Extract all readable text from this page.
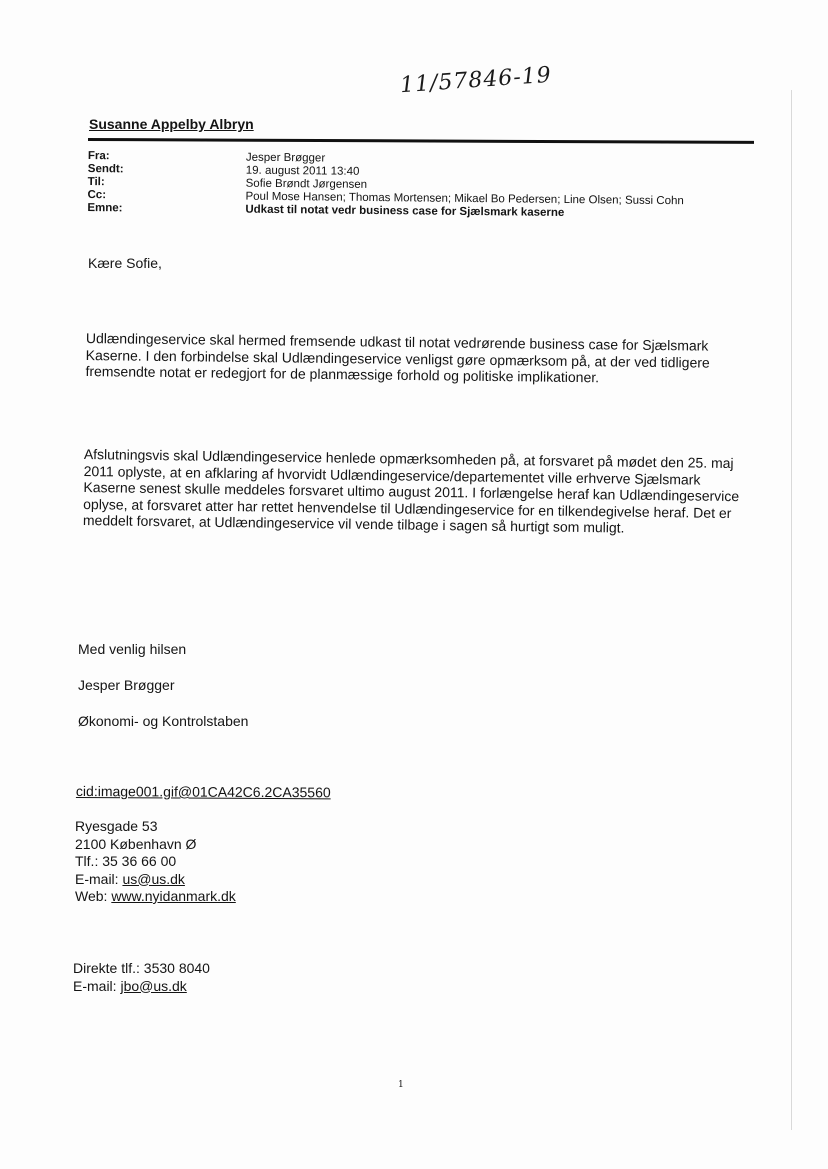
11/57846-19
Susanne Appelby Albryn
Fra:	Jesper Brøgger
Sendt:	19. august 2011 13:40
Til:	Sofie Brøndt Jørgensen
Cc:	Poul Mose Hansen; Thomas Mortensen; Mikael Bo Pedersen; Line Olsen; Sussi Cohn
Emne:	Udkast til notat vedr business case for Sjælsmark kaserne
Kære Sofie,
Udlændingeservice skal hermed fremsende udkast til notat vedrørende business case for Sjælsmark Kaserne. I den forbindelse skal Udlændingeservice venligst gøre opmærksom på, at der ved tidligere fremsendte notat er redegjort for de planmæssige forhold og politiske implikationer.
Afslutningsvis skal Udlændingeservice henlede opmærksomheden på, at forsvaret på mødet den 25. maj 2011 oplyste, at en afklaring af hvorvidt Udlændingeservice/departementet ville erhverve Sjælsmark Kaserne senest skulle meddeles forsvaret ultimo august 2011. I forlængelse heraf kan Udlændingeservice oplyse, at forsvaret atter har rettet henvendelse til Udlændingeservice for en tilkendegivelse heraf. Det er meddelt forsvaret, at Udlændingeservice vil vende tilbage i sagen så hurtigt som muligt.
Med venlig hilsen
Jesper Brøgger
Økonomi- og Kontrolstaben
cid:image001.gif@01CA42C6.2CA35560
Ryesgade 53
2100 København Ø
Tlf.: 35 36 66 00
E-mail: us@us.dk
Web: www.nyidanmark.dk
Direkte tlf.: 3530 8040
E-mail: jbo@us.dk
1
